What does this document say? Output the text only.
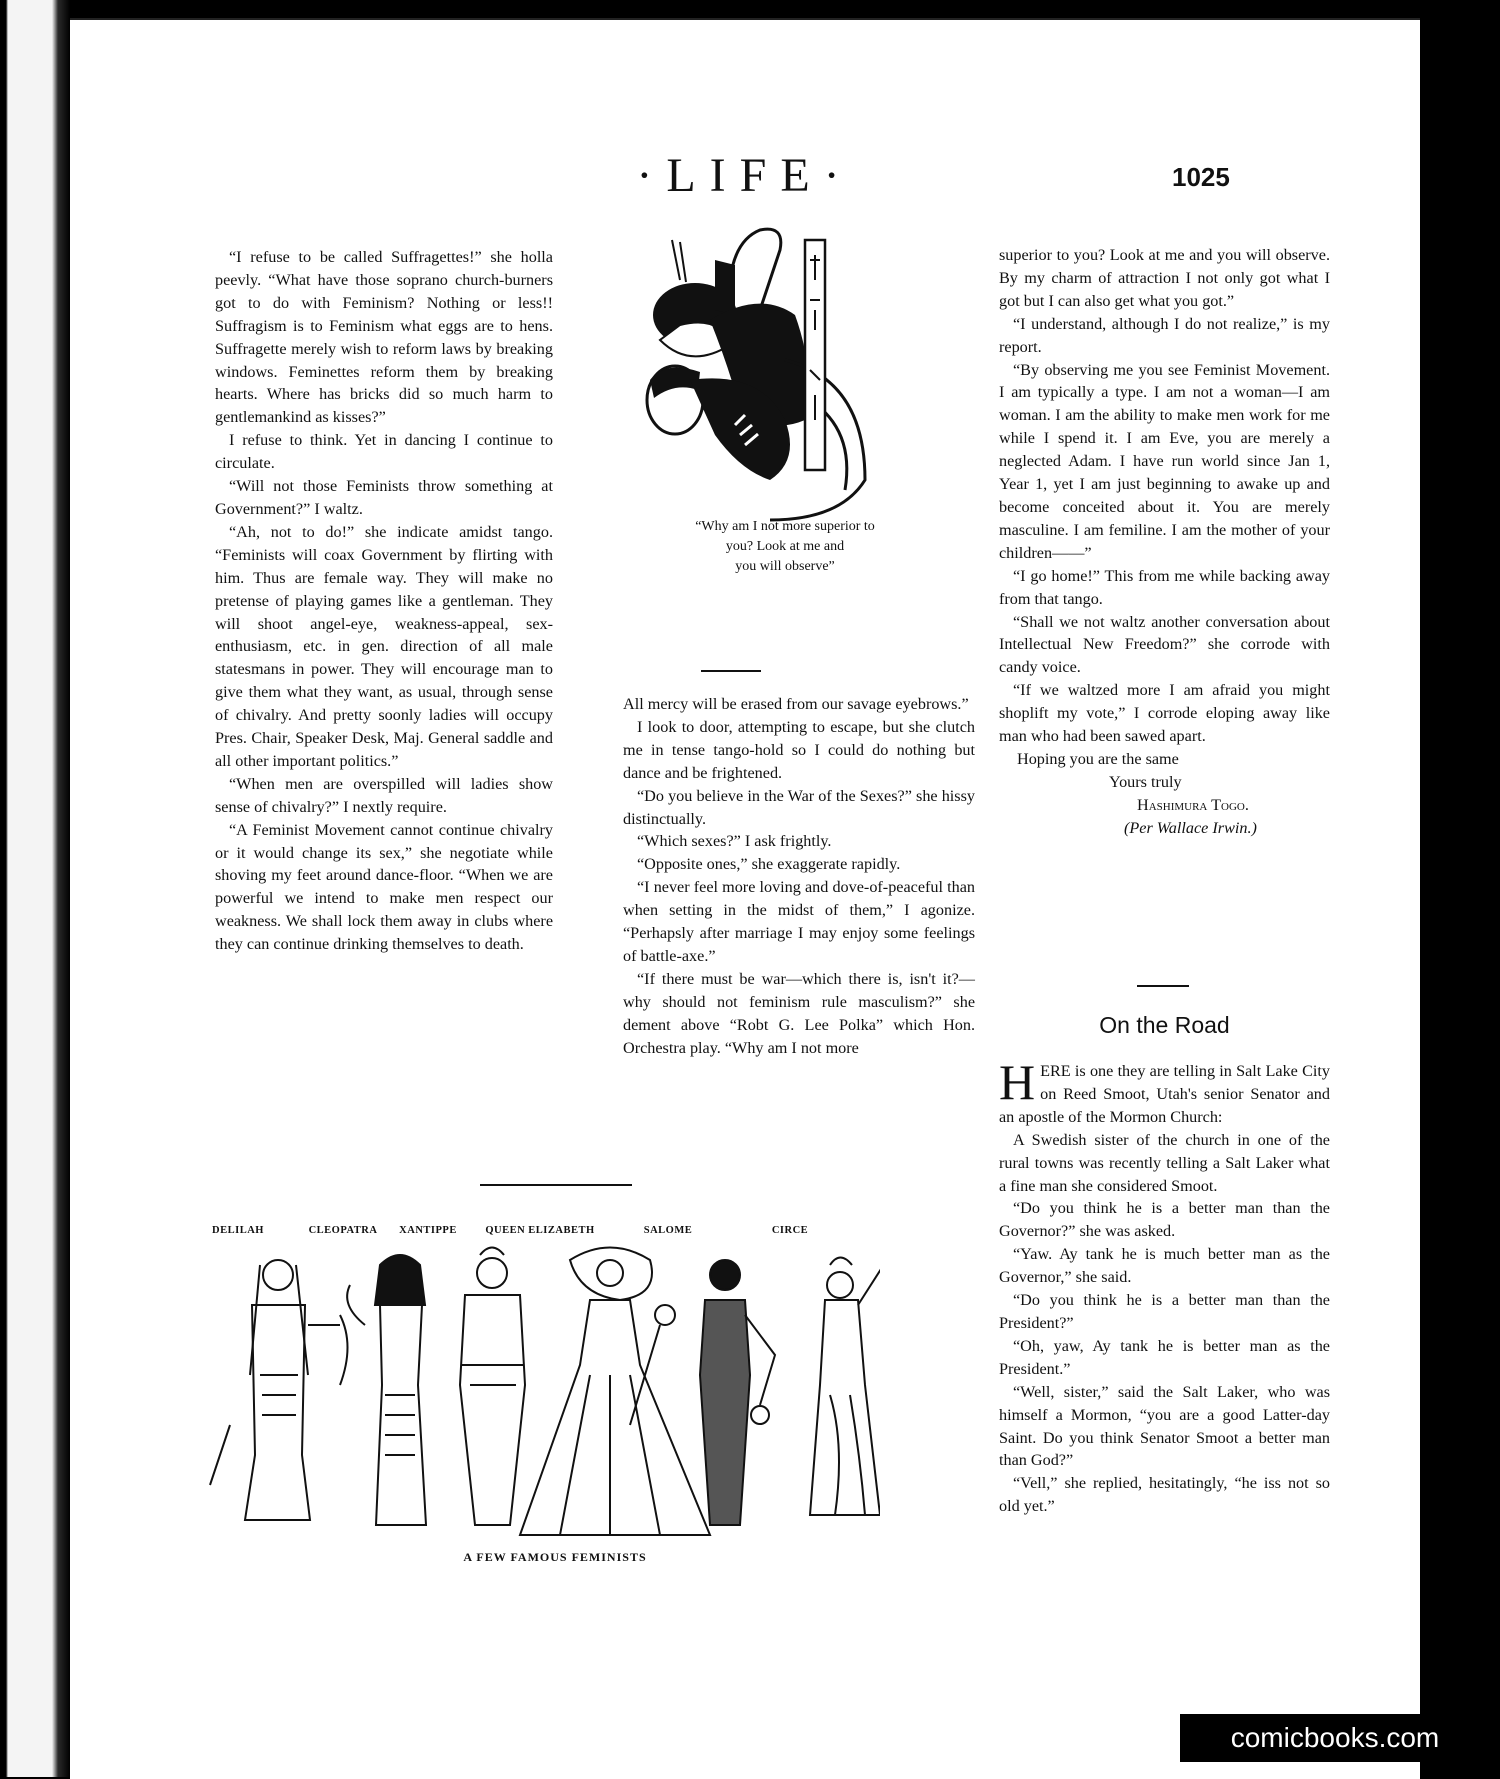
·LIFE·	1025

“I refuse to be called Suffragettes!” she holla peevly. “What have those soprano church-burners got to do with Feminism? Nothing or less!! Suffragism is to Feminism what eggs are to hens. Suffragette merely wish to reform laws by breaking windows. Feminettes reform them by breaking hearts. Where has bricks did so much harm to gentlemankind as kisses?”

I refuse to think. Yet in dancing I continue to circulate.

“Will not those Feminists throw something at Government?” I waltz.

“Ah, not to do!” she indicate amidst tango. “Feminists will coax Government by flirting with him. Thus are female way. They will make no pretense of playing games like a gentleman. They will shoot angel-eye, weakness-appeal, sex-enthusiasm, etc. in gen. direction of all male statesmans in power. They will encourage man to give them what they want, as usual, through sense of chivalry. And pretty soonly ladies will occupy Pres. Chair, Speaker Desk, Maj. General saddle and all other important politics.”

“When men are overspilled will ladies show sense of chivalry?” I nextly require.

“A Feminist Movement cannot continue chivalry or it would change its sex,” she negotiate while shoving my feet around dance-floor. “When we are powerful we intend to make men respect our weakness. We shall lock them away in clubs where they can continue drinking themselves to death.

“Why am I not more superior to
you? Look at me and
you will observe”

All mercy will be erased from our savage eyebrows.”

I look to door, attempting to escape, but she clutch me in tense tango-hold so I could do nothing but dance and be frightened.

“Do you believe in the War of the Sexes?” she hissy distinctually.

“Which sexes?” I ask frightly.

“Opposite ones,” she exaggerate rapidly.

“I never feel more loving and dove-of-peaceful than when setting in the midst of them,” I agonize. “Perhapsly after marriage I may enjoy some feelings of battle-axe.”

“If there must be war—which there is, isn't it?—why should not feminism rule masculism?” she dement above “Robt G. Lee Polka” which Hon. Orchestra play. “Why am I not more

superior to you? Look at me and you will observe. By my charm of attraction I not only got what I got but I can also get what you got.”

“I understand, although I do not realize,” is my report.

“By observing me you see Feminist Movement. I am typically a type. I am not a woman—I am woman. I am the ability to make men work for me while I spend it. I am Eve, you are merely a neglected Adam. I have run world since Jan 1, Year 1, yet I am just beginning to awake up and become conceited about it. You are merely masculine. I am femiline. I am the mother of your children——”

“I go home!” This from me while backing away from that tango.

“Shall we not waltz another conversation about Intellectual New Freedom?” she corrode with candy voice.

“If we waltzed more I am afraid you might shoplift my vote,” I corrode eloping away like man who had been sawed apart.

Hoping you are the same

Yours truly

Hashimura Togo.

(Per Wallace Irwin.)

On the Road

HERE is one they are telling in Salt Lake City on Reed Smoot, Utah's senior Senator and an apostle of the Mormon Church:

A Swedish sister of the church in one of the rural towns was recently telling a Salt Laker what a fine man she considered Smoot.

“Do you think he is a better man than the Governor?” she was asked.

“Yaw. Ay tank he is much better man as the Governor,” she said.

“Do you think he is a better man than the President?”

“Oh, yaw, Ay tank he is better man as the President.”

“Well, sister,” said the Salt Laker, who was himself a Mormon, “you are a good Latter-day Saint. Do you think Senator Smoot a better man than God?”

“Vell,” she replied, hesitatingly, “he iss not so old yet.”

DELILAH	CLEOPATRA	XANTIPPE	QUEEN ELIZABETH	SALOME	CIRCE
A FEW FAMOUS FEMINISTS
comicbooks.com
